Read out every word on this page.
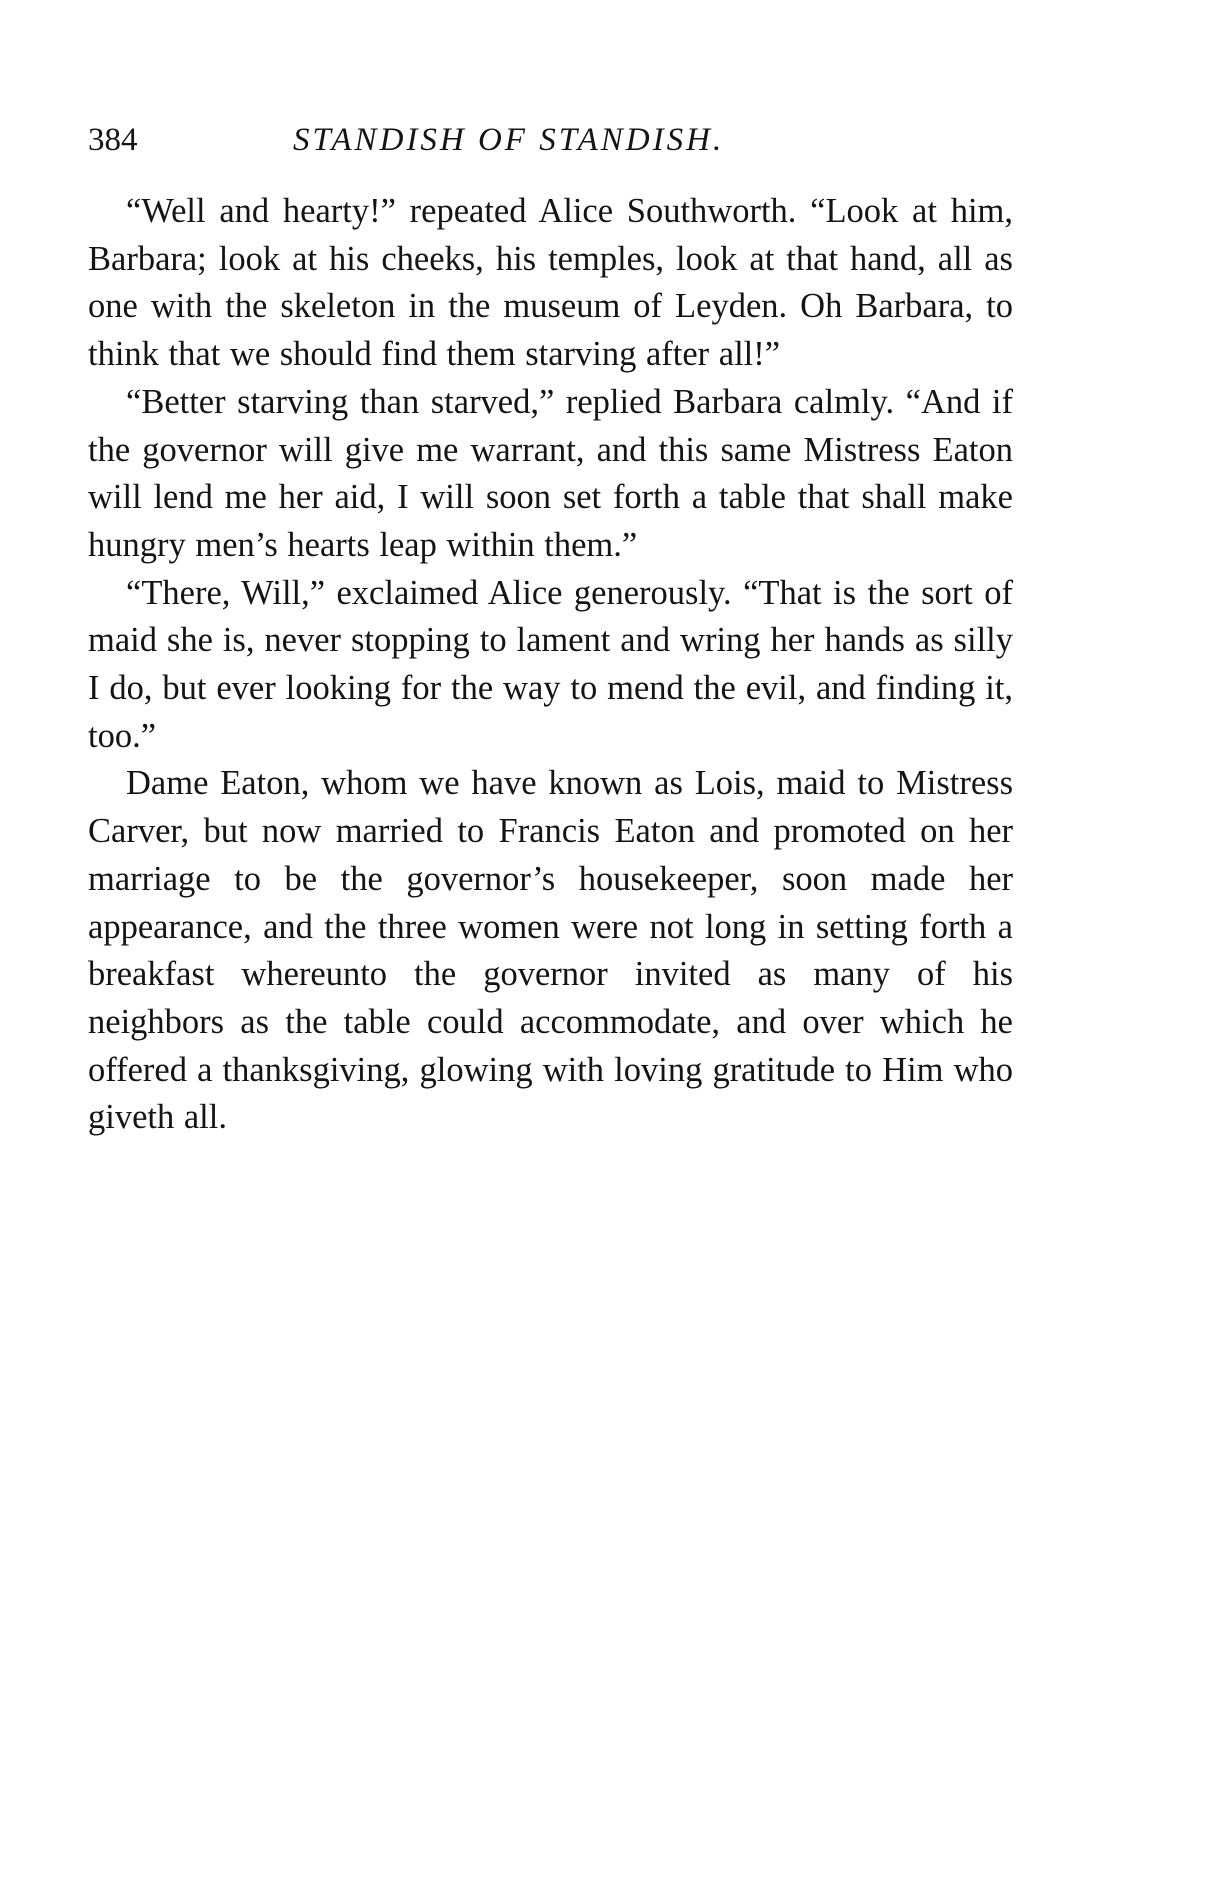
384	STANDISH OF STANDISH.

“Well and hearty!” repeated Alice Southworth. “Look at him, Barbara; look at his cheeks, his temples, look at that hand, all as one with the skeleton in the museum of Leyden. Oh Barbara, to think that we should find them starving after all!”

“Better starving than starved,” replied Barbara calmly. “And if the governor will give me warrant, and this same Mistress Eaton will lend me her aid, I will soon set forth a table that shall make hungry men’s hearts leap within them.”

“There, Will,” exclaimed Alice generously. “That is the sort of maid she is, never stopping to lament and wring her hands as silly I do, but ever looking for the way to mend the evil, and finding it, too.”

Dame Eaton, whom we have known as Lois, maid to Mistress Carver, but now married to Francis Eaton and promoted on her marriage to be the governor’s housekeeper, soon made her appearance, and the three women were not long in setting forth a breakfast whereunto the governor invited as many of his neighbors as the table could accommodate, and over which he offered a thanksgiving, glowing with loving gratitude to Him who giveth all.
